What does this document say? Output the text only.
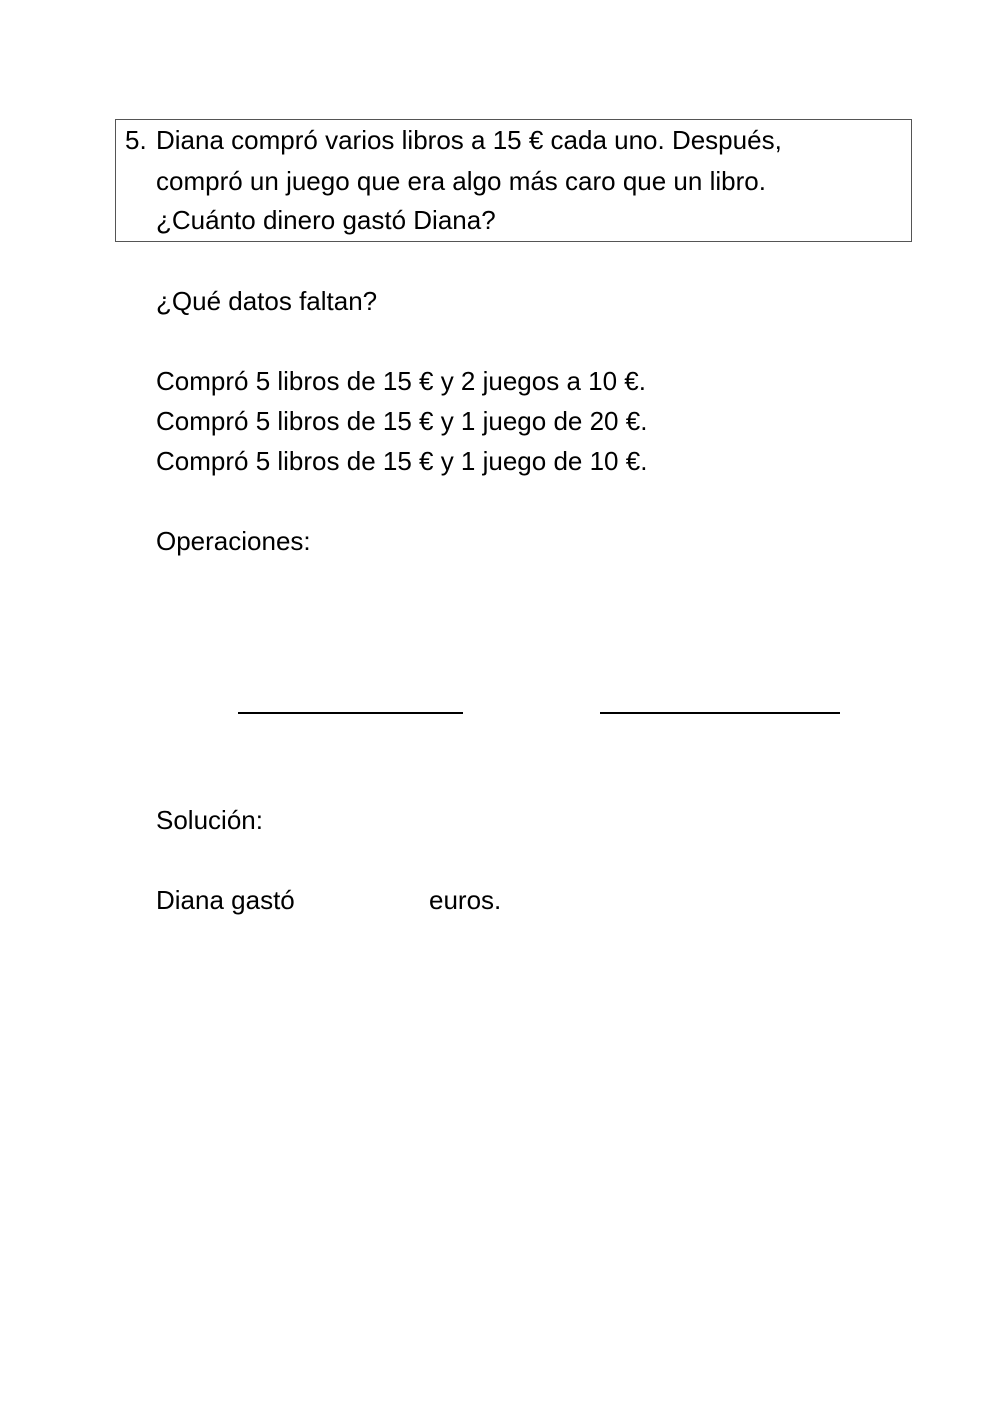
5. Diana compró varios libros a 15 € cada uno. Después,
compró un juego que era algo más caro que un libro.
¿Cuánto dinero gastó Diana?
¿Qué datos faltan?
Compró 5 libros de 15 € y 2 juegos a 10 €.
Compró 5 libros de 15 € y 1 juego de 20 €.
Compró 5 libros de 15 € y 1 juego de 10 €.
Operaciones:
Solución:
Diana gastó	euros.
